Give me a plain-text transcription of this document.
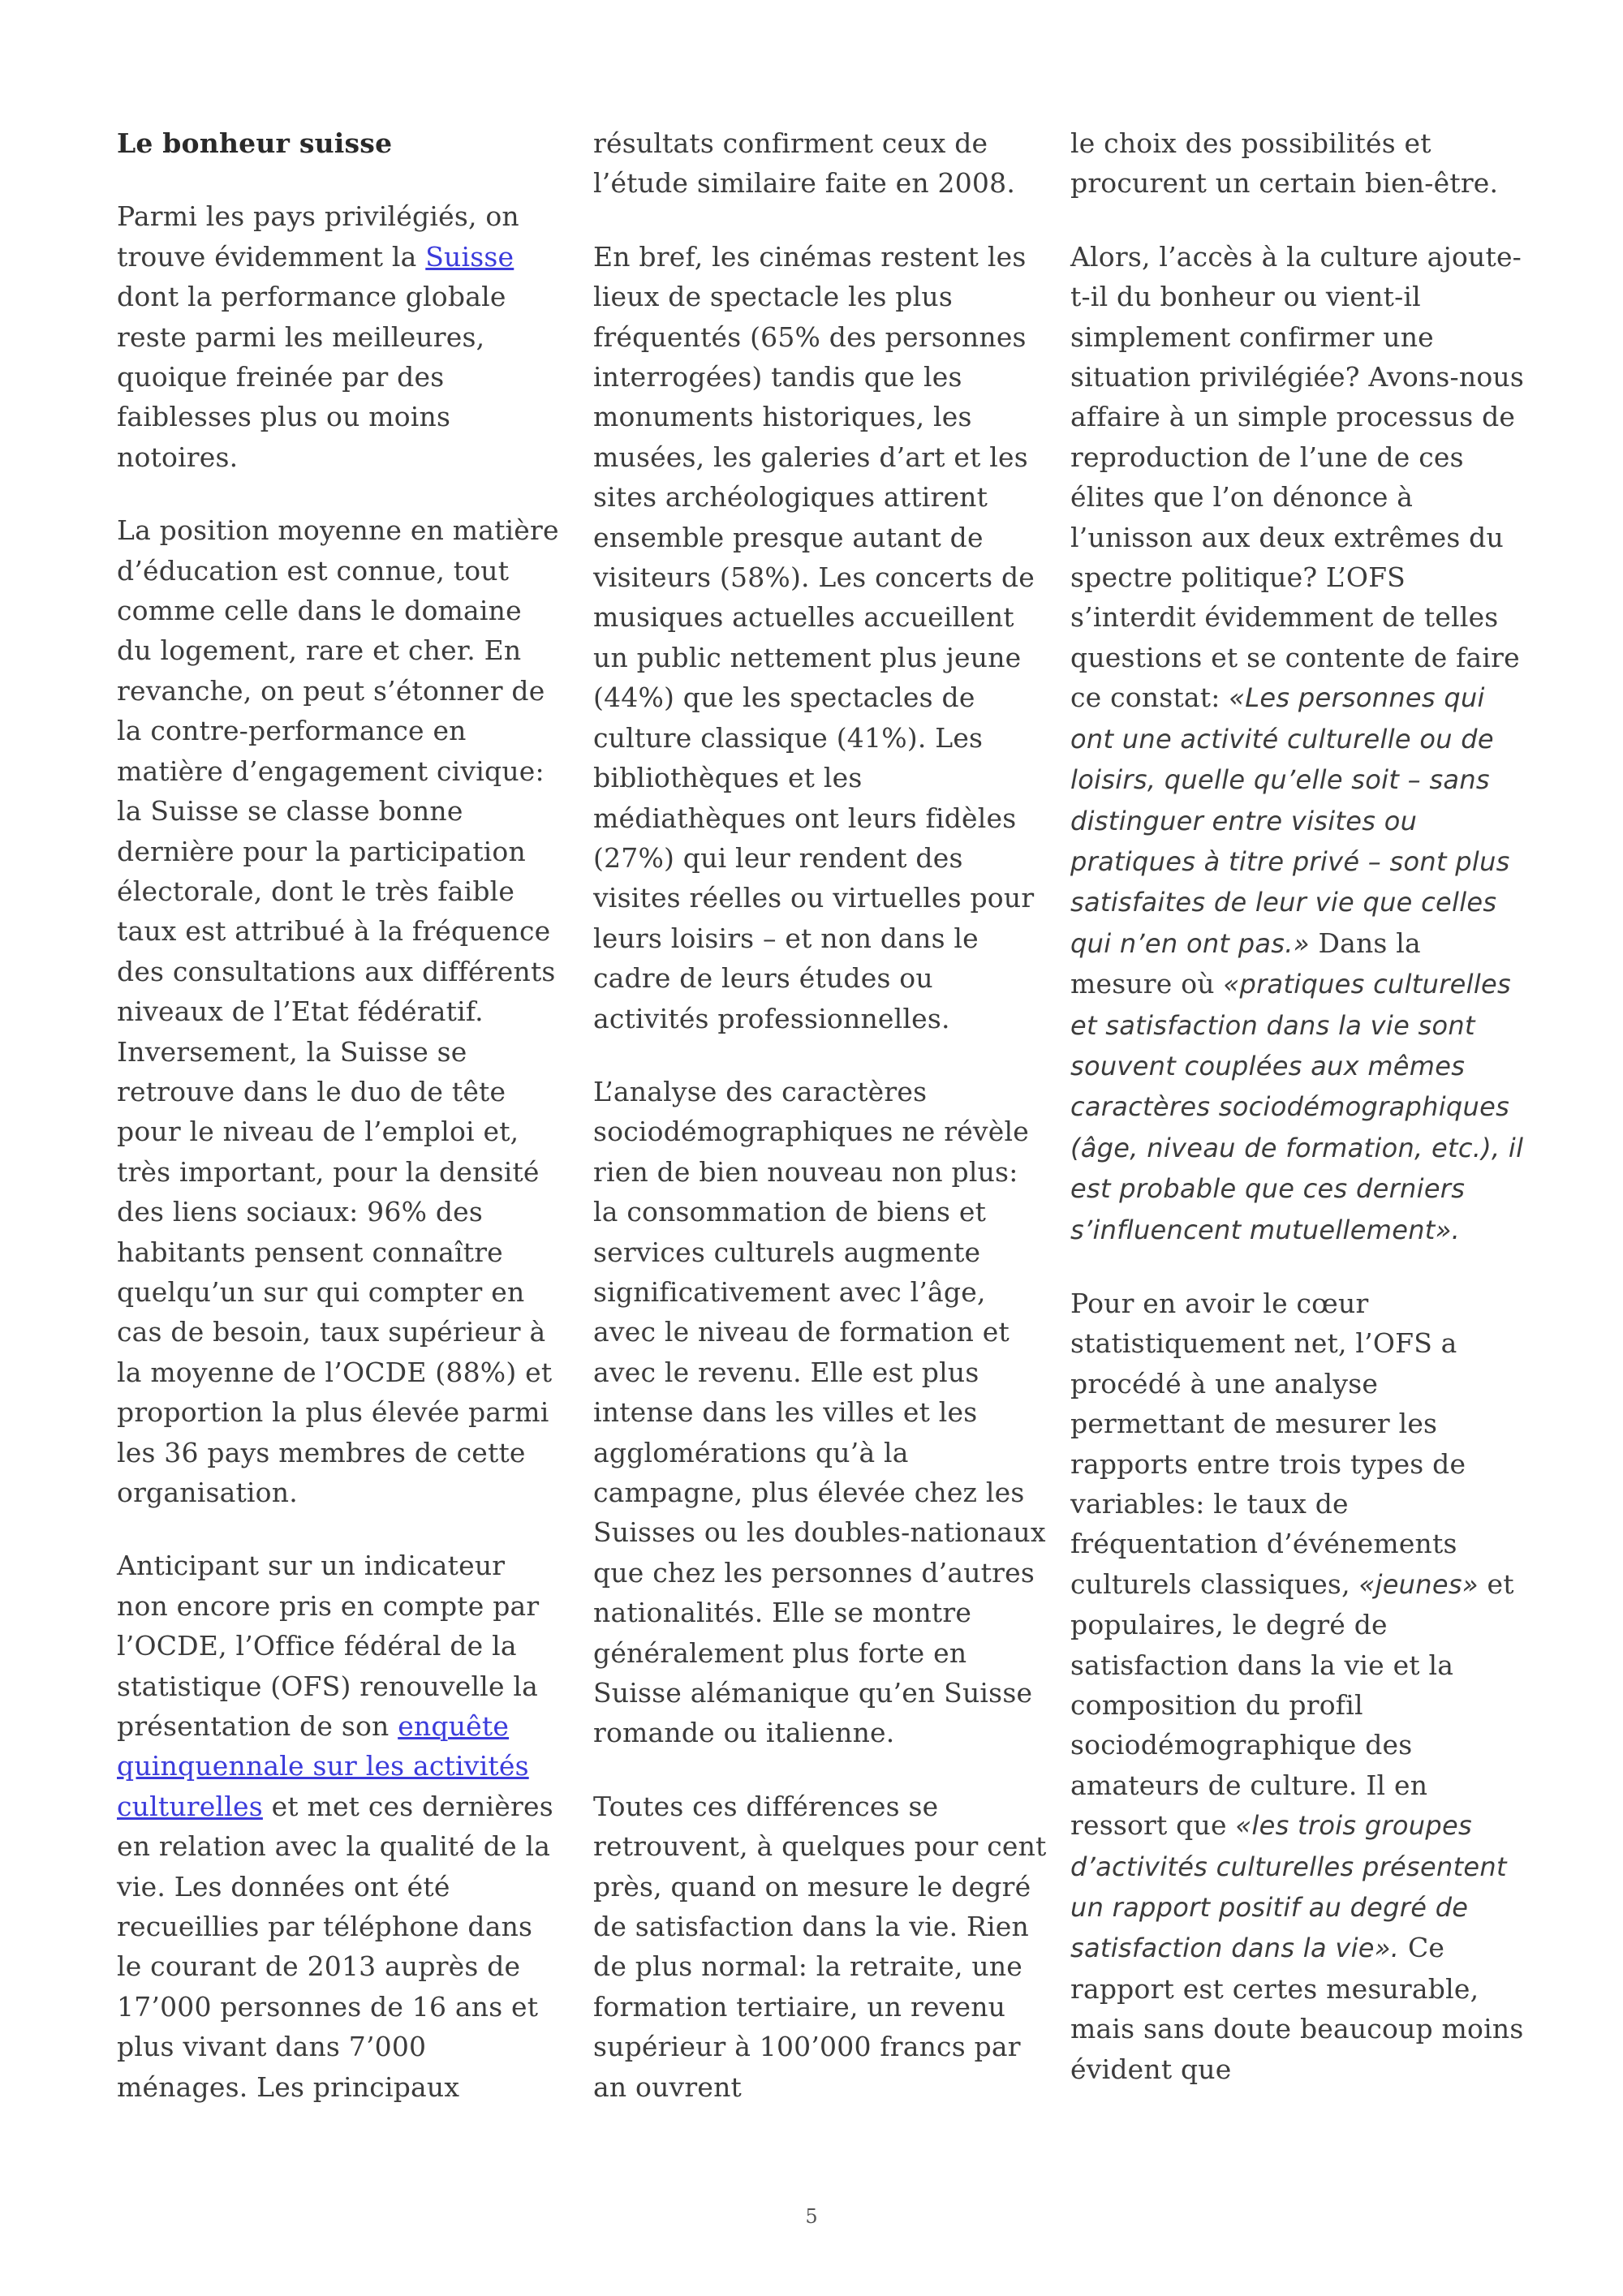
Le bonheur suisse

Parmi les pays privilégiés, on trouve évidemment la Suisse dont la performance globale reste parmi les meilleures, quoique freinée par des faiblesses plus ou moins notoires.

La position moyenne en matière d’éducation est connue, tout comme celle dans le domaine du logement, rare et cher. En revanche, on peut s’étonner de la contre-performance en matière d’engagement civique: la Suisse se classe bonne dernière pour la participation électorale, dont le très faible taux est attribué à la fréquence des consultations aux différents niveaux de l’Etat fédératif. Inversement, la Suisse se retrouve dans le duo de tête pour le niveau de l’emploi et, très important, pour la densité des liens sociaux: 96% des habitants pensent connaître quelqu’un sur qui compter en cas de besoin, taux supérieur à la moyenne de l’OCDE (88%) et proportion la plus élevée parmi les 36 pays membres de cette organisation.

Anticipant sur un indicateur non encore pris en compte par l’OCDE, l’Office fédéral de la statistique (OFS) renouvelle la présentation de son enquête quinquennale sur les activités culturelles et met ces dernières en relation avec la qualité de la vie. Les données ont été recueillies par téléphone dans le courant de 2013 auprès de 17’000 personnes de 16 ans et plus vivant dans 7’000 ménages. Les principaux

résultats confirment ceux de l’étude similaire faite en 2008.

En bref, les cinémas restent les lieux de spectacle les plus fréquentés (65% des personnes interrogées) tandis que les monuments historiques, les musées, les galeries d’art et les sites archéologiques attirent ensemble presque autant de visiteurs (58%). Les concerts de musiques actuelles accueillent un public nettement plus jeune (44%) que les spectacles de culture classique (41%). Les bibliothèques et les médiathèques ont leurs fidèles (27%) qui leur rendent des visites réelles ou virtuelles pour leurs loisirs – et non dans le cadre de leurs études ou activités professionnelles.

L’analyse des caractères sociodémographiques ne révèle rien de bien nouveau non plus: la consommation de biens et services culturels augmente significativement avec l’âge, avec le niveau de formation et avec le revenu. Elle est plus intense dans les villes et les agglomérations qu’à la campagne, plus élevée chez les Suisses ou les doubles-nationaux que chez les personnes d’autres nationalités. Elle se montre généralement plus forte en Suisse alémanique qu’en Suisse romande ou italienne.

Toutes ces différences se retrouvent, à quelques pour cent près, quand on mesure le degré de satisfaction dans la vie. Rien de plus normal: la retraite, une formation tertiaire, un revenu supérieur à 100’000 francs par an ouvrent

le choix des possibilités et procurent un certain bien-être.

Alors, l’accès à la culture ajoute-t-il du bonheur ou vient-il simplement confirmer une situation privilégiée? Avons-nous affaire à un simple processus de reproduction de l’une de ces élites que l’on dénonce à l’unisson aux deux extrêmes du spectre politique? L’OFS s’interdit évidemment de telles questions et se contente de faire ce constat: «Les personnes qui ont une activité culturelle ou de loisirs, quelle qu’elle soit – sans distinguer entre visites ou pratiques à titre privé – sont plus satisfaites de leur vie que celles qui n’en ont pas.» Dans la mesure où «pratiques culturelles et satisfaction dans la vie sont souvent couplées aux mêmes caractères sociodémographiques (âge, niveau de formation, etc.), il est probable que ces derniers s’influencent mutuellement».

Pour en avoir le cœur statistiquement net, l’OFS a procédé à une analyse permettant de mesurer les rapports entre trois types de variables: le taux de fréquentation d’événements culturels classiques, «jeunes» et populaires, le degré de satisfaction dans la vie et la composition du profil sociodémographique des amateurs de culture. Il en ressort que «les trois groupes d’activités culturelles présentent un rapport positif au degré de satisfaction dans la vie». Ce rapport est certes mesurable, mais sans doute beaucoup moins évident que

5
